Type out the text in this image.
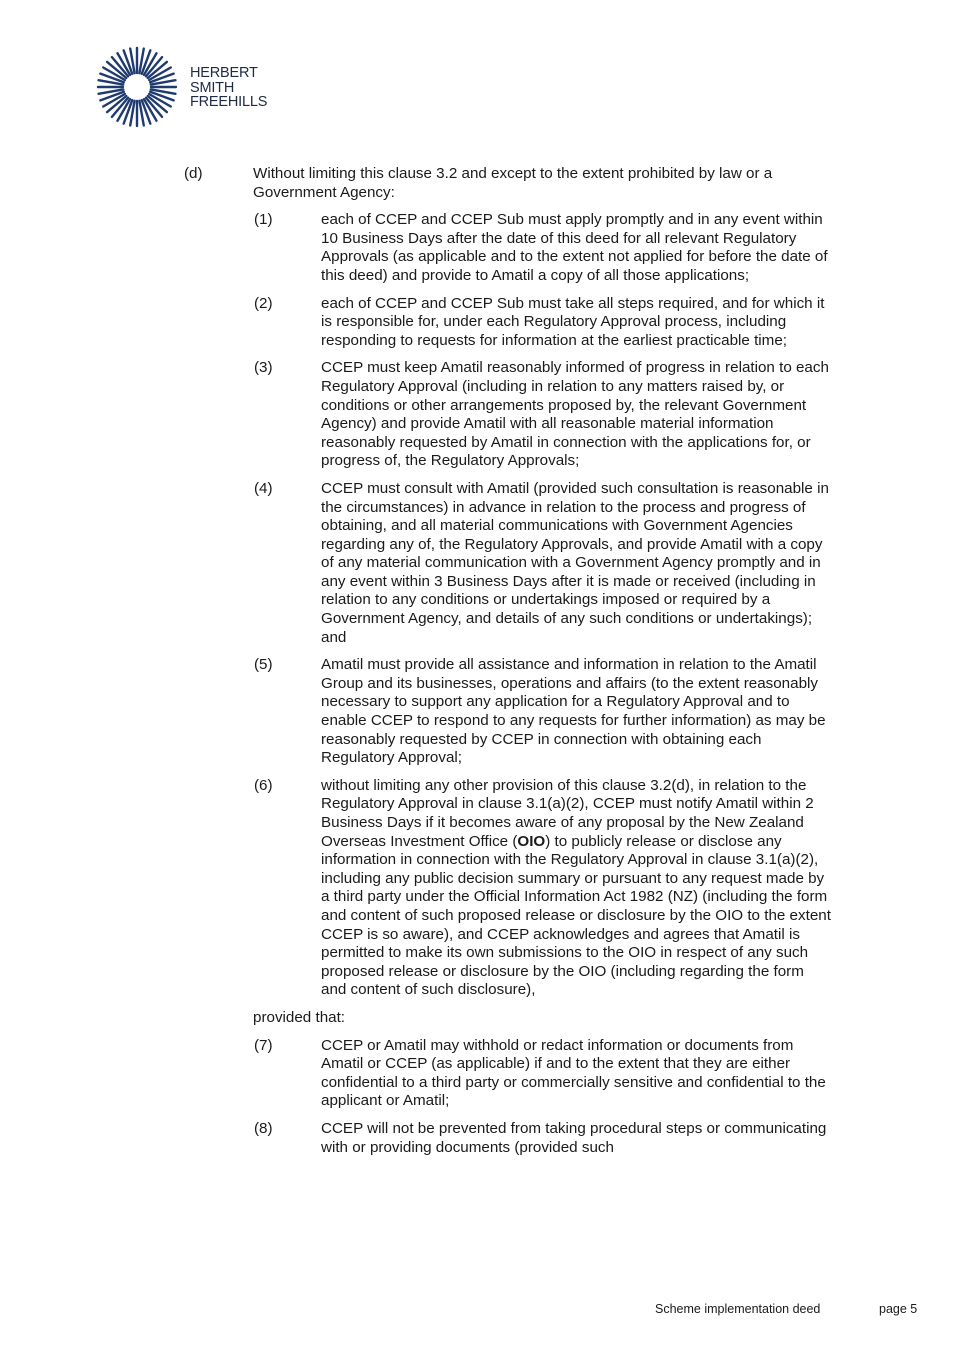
HERBERT
SMITH
FREEHILLS
(d)	Without limiting this clause 3.2 and except to the extent prohibited by law or a Government Agency:
(1)	each of CCEP and CCEP Sub must apply promptly and in any event within 10 Business Days after the date of this deed for all relevant Regulatory Approvals (as applicable and to the extent not applied for before the date of this deed) and provide to Amatil a copy of all those applications;
(2)	each of CCEP and CCEP Sub must take all steps required, and for which it is responsible for, under each Regulatory Approval process, including responding to requests for information at the earliest practicable time;
(3)	CCEP must keep Amatil reasonably informed of progress in relation to each Regulatory Approval (including in relation to any matters raised by, or conditions or other arrangements proposed by, the relevant Government Agency) and provide Amatil with all reasonable material information reasonably requested by Amatil in connection with the applications for, or progress of, the Regulatory Approvals;
(4)	CCEP must consult with Amatil (provided such consultation is reasonable in the circumstances) in advance in relation to the process and progress of obtaining, and all material communications with Government Agencies regarding any of, the Regulatory Approvals, and provide Amatil with a copy of any material communication with a Government Agency promptly and in any event within 3 Business Days after it is made or received (including in relation to any conditions or undertakings imposed or required by a Government Agency, and details of any such conditions or undertakings); and
(5)	Amatil must provide all assistance and information in relation to the Amatil Group and its businesses, operations and affairs (to the extent reasonably necessary to support any application for a Regulatory Approval and to enable CCEP to respond to any requests for further information) as may be reasonably requested by CCEP in connection with obtaining each Regulatory Approval;
(6)	without limiting any other provision of this clause 3.2(d), in relation to the Regulatory Approval in clause 3.1(a)(2), CCEP must notify Amatil within 2 Business Days if it becomes aware of any proposal by the New Zealand Overseas Investment Office (OIO) to publicly release or disclose any information in connection with the Regulatory Approval in clause 3.1(a)(2), including any public decision summary or pursuant to any request made by a third party under the Official Information Act 1982 (NZ) (including the form and content of such proposed release or disclosure by the OIO to the extent CCEP is so aware), and CCEP acknowledges and agrees that Amatil is permitted to make its own submissions to the OIO in respect of any such proposed release or disclosure by the OIO (including regarding the form and content of such disclosure),
provided that:
(7)	CCEP or Amatil may withhold or redact information or documents from Amatil or CCEP (as applicable) if and to the extent that they are either confidential to a third party or commercially sensitive and confidential to the applicant or Amatil;
(8)	CCEP will not be prevented from taking procedural steps or communicating with or providing documents (provided such
Scheme implementation deed	page 5
